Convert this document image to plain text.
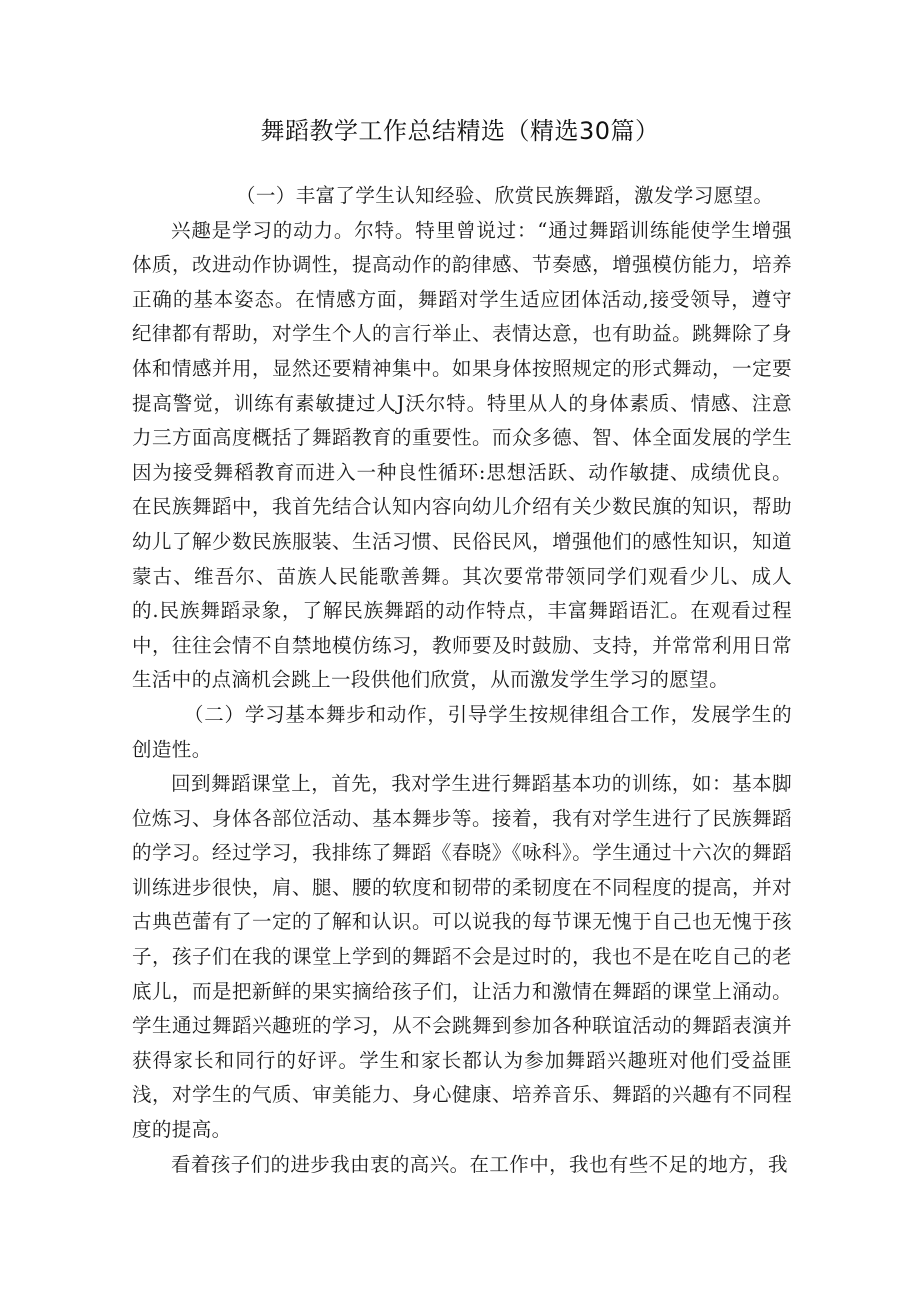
舞蹈教学工作总结精选（精选30篇）

（一）丰富了学生认知经验、欣赏民族舞蹈，激发学习愿望。

兴趣是学习的动力。尔特。特里曾说过：“通过舞蹈训练能使学生增强体质，改进动作协调性，提高动作的韵律感、节奏感，增强模仿能力，培养正确的基本姿态。在情感方面，舞蹈对学生适应团体活动,接受领导，遵守纪律都有帮助，对学生个人的言行举止、表情达意，也有助益。跳舞除了身体和情感并用，显然还要精神集中。如果身体按照规定的形式舞动，一定要提高警觉，训练有素敏捷过人J沃尔特。特里从人的身体素质、情感、注意力三方面高度概括了舞蹈教育的重要性。而众多德、智、体全面发展的学生因为接受舞稻教育而进入一种良性循环:思想活跃、动作敏捷、成绩优良。在民族舞蹈中，我首先结合认知内容向幼儿介绍有关少数民旗的知识，帮助幼儿了解少数民族服装、生活习惯、民俗民风，增强他们的感性知识，知道蒙古、维吾尔、苗族人民能歌善舞。其次要常带领同学们观看少儿、成人的.民族舞蹈录象，了解民族舞蹈的动作特点，丰富舞蹈语汇。在观看过程中，往往会情不自禁地模仿练习，教师要及时鼓励、支持，并常常利用日常生活中的点滴机会跳上一段供他们欣赏，从而激发学生学习的愿望。

（二）学习基本舞步和动作，引导学生按规律组合工作，发展学生的创造性。

回到舞蹈课堂上，首先，我对学生进行舞蹈基本功的训练，如：基本脚位炼习、身体各部位活动、基本舞步等。接着，我有对学生进行了民族舞蹈的学习。经过学习，我排练了舞蹈《春晓》《咏科》。学生通过十六次的舞蹈训练进步很快，肩、腿、腰的软度和韧带的柔韧度在不同程度的提高，并对古典芭蕾有了一定的了解和认识。可以说我的每节课无愧于自己也无愧于孩子，孩子们在我的课堂上学到的舞蹈不会是过时的，我也不是在吃自己的老底儿，而是把新鲜的果实摘给孩子们，让活力和激情在舞蹈的课堂上涌动。学生通过舞蹈兴趣班的学习，从不会跳舞到参加各种联谊活动的舞蹈表演并获得家长和同行的好评。学生和家长都认为参加舞蹈兴趣班对他们受益匪浅，对学生的气质、审美能力、身心健康、培养音乐、舞蹈的兴趣有不同程度的提高。

看着孩子们的进步我由衷的高兴。在工作中，我也有些不足的地方，我
